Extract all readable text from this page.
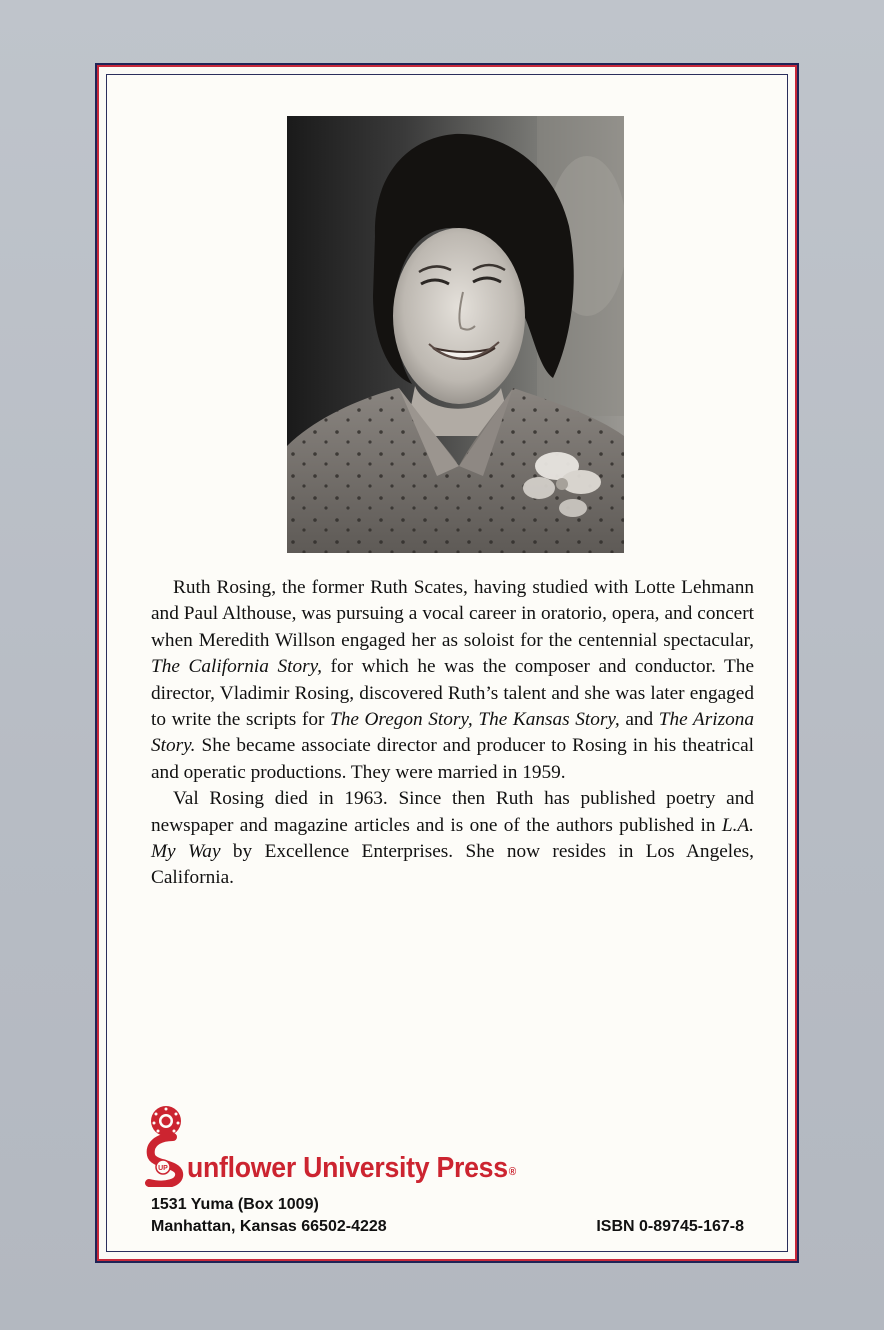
Ruth Rosing, the former Ruth Scates, having studied with Lotte Lehmann and Paul Althouse, was pursuing a vocal career in oratorio, opera, and concert when Meredith Willson engaged her as soloist for the centennial spectacular, The California Story, for which he was the composer and conductor. The director, Vladimir Rosing, discovered Ruth’s talent and she was later engaged to write the scripts for The Oregon Story, The Kansas Story, and The Arizona Story. She became associate director and producer to Rosing in his theatrical and operatic productions. They were married in 1959.

Val Rosing died in 1963. Since then Ruth has published poetry and newspaper and magazine articles and is one of the authors published in L.A. My Way by Excellence Enterprises. She now resides in Los Angeles, California.

UP unflower University Press®
1531 Yuma (Box 1009)
Manhattan, Kansas 66502-4228	ISBN 0-89745-167-8
